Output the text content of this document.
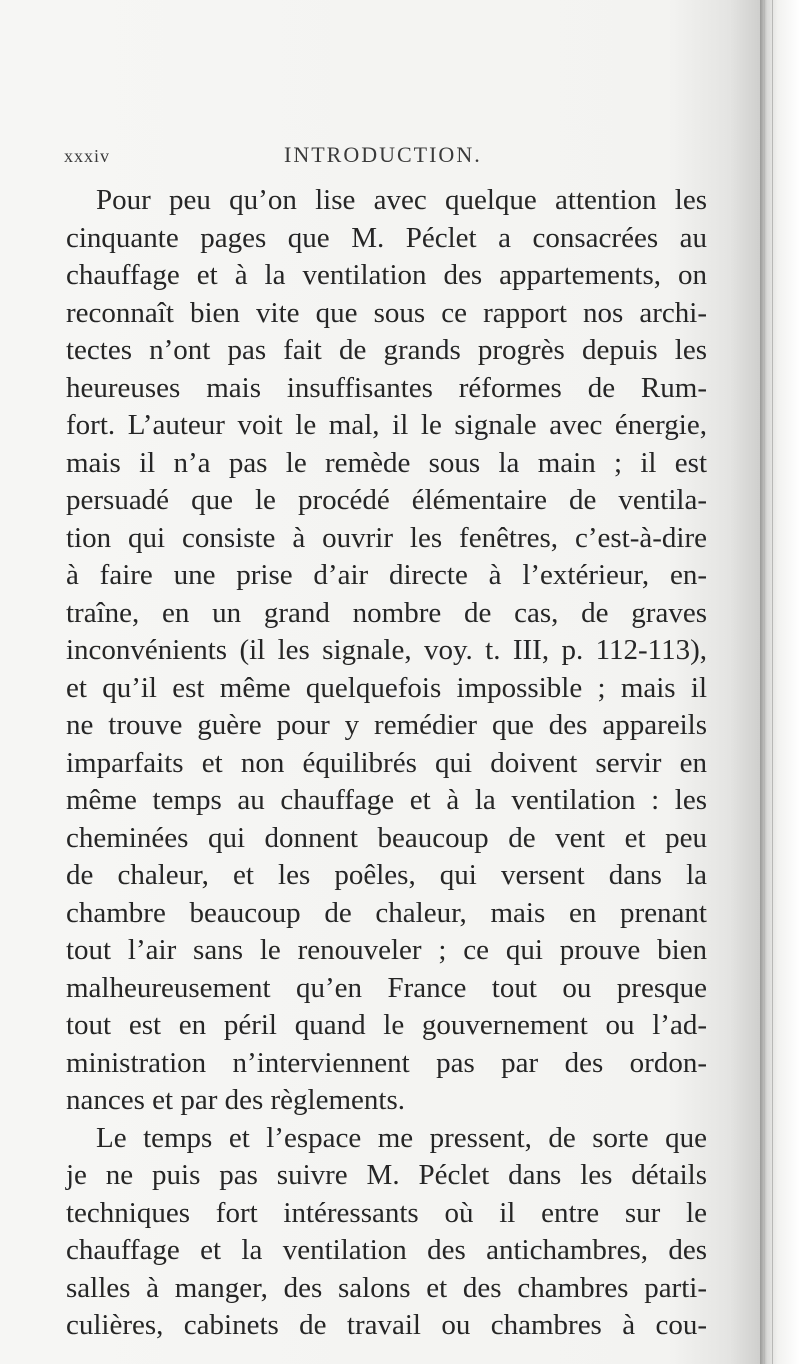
xxxiv	INTRODUCTION.
Pour peu qu’on lise avec quelque attention les
cinquante pages que M. Péclet a consacrées au
chauffage et à la ventilation des appartements, on
reconnaît bien vite que sous ce rapport nos archi-
tectes n’ont pas fait de grands progrès depuis les
heureuses mais insuffisantes réformes de Rum-
fort. L’auteur voit le mal, il le signale avec énergie,
mais il n’a pas le remède sous la main ; il est
persuadé que le procédé élémentaire de ventila-
tion qui consiste à ouvrir les fenêtres, c’est-à-dire
à faire une prise d’air directe à l’extérieur, en-
traîne, en un grand nombre de cas, de graves
inconvénients (il les signale, voy. t. III, p. 112-113),
et qu’il est même quelquefois impossible ; mais il
ne trouve guère pour y remédier que des appareils
imparfaits et non équilibrés qui doivent servir en
même temps au chauffage et à la ventilation : les
cheminées qui donnent beaucoup de vent et peu
de chaleur, et les poêles, qui versent dans la
chambre beaucoup de chaleur, mais en prenant
tout l’air sans le renouveler ; ce qui prouve bien
malheureusement qu’en France tout ou presque
tout est en péril quand le gouvernement ou l’ad-
ministration n’interviennent pas par des ordon-
nances et par des règlements.
Le temps et l’espace me pressent, de sorte que
je ne puis pas suivre M. Péclet dans les détails
techniques fort intéressants où il entre sur le
chauffage et la ventilation des antichambres, des
salles à manger, des salons et des chambres parti-
culières, cabinets de travail ou chambres à cou-
